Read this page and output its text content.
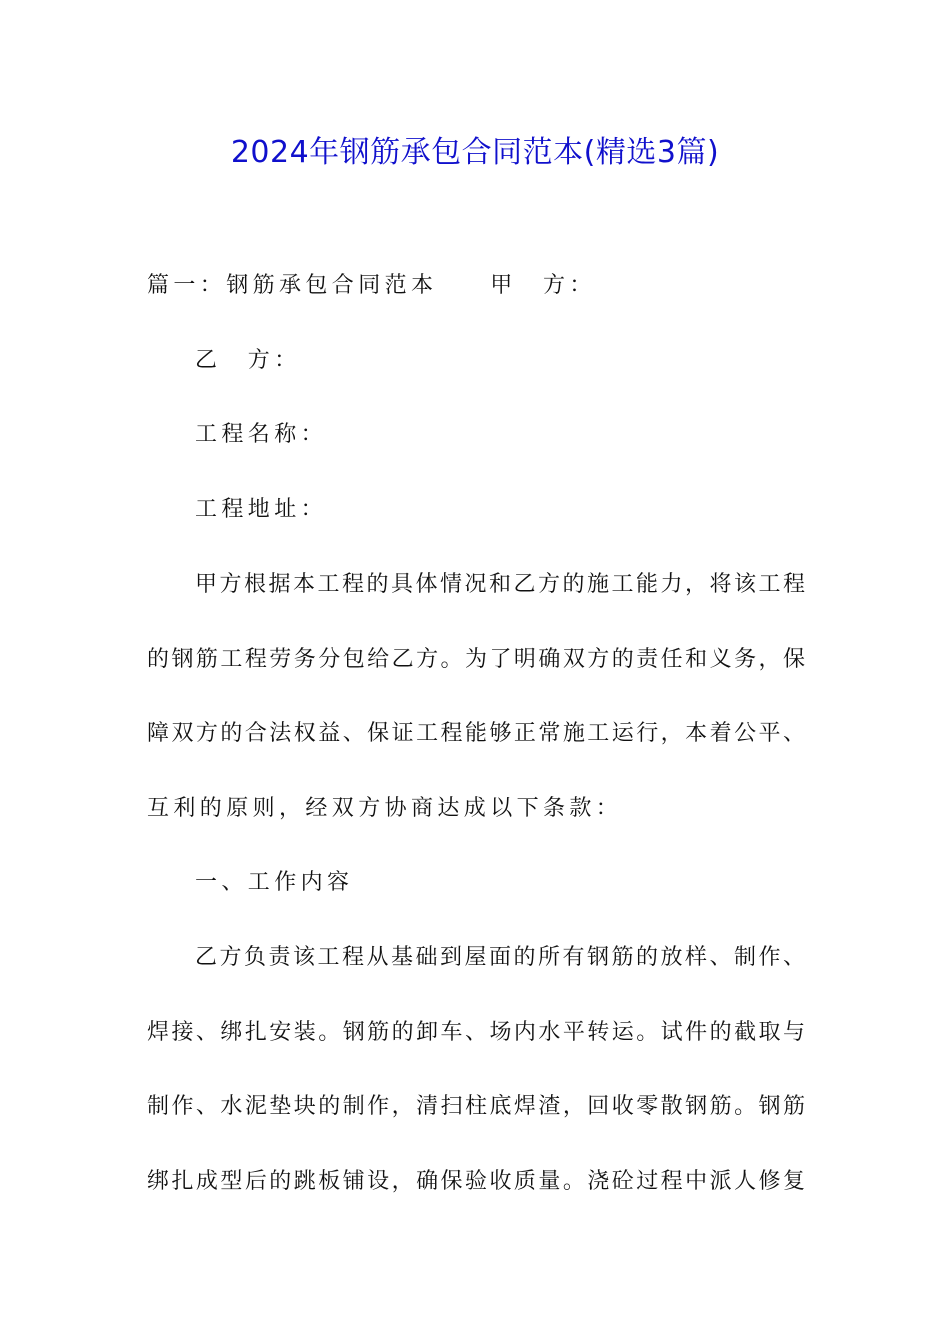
2024年钢筋承包合同范本(精选3篇)
篇一：钢筋承包合同范本　　甲　方：
乙　方：
工程名称：
工程地址：
甲方根据本工程的具体情况和乙方的施工能力，将该工程
的钢筋工程劳务分包给乙方。为了明确双方的责任和义务，保
障双方的合法权益、保证工程能够正常施工运行，本着公平、
互利的原则，经双方协商达成以下条款：
一、工作内容
乙方负责该工程从基础到屋面的所有钢筋的放样、制作、
焊接、绑扎安装。钢筋的卸车、场内水平转运。试件的截取与
制作、水泥垫块的制作，清扫柱底焊渣，回收零散钢筋。钢筋
绑扎成型后的跳板铺设，确保验收质量。浇砼过程中派人修复
